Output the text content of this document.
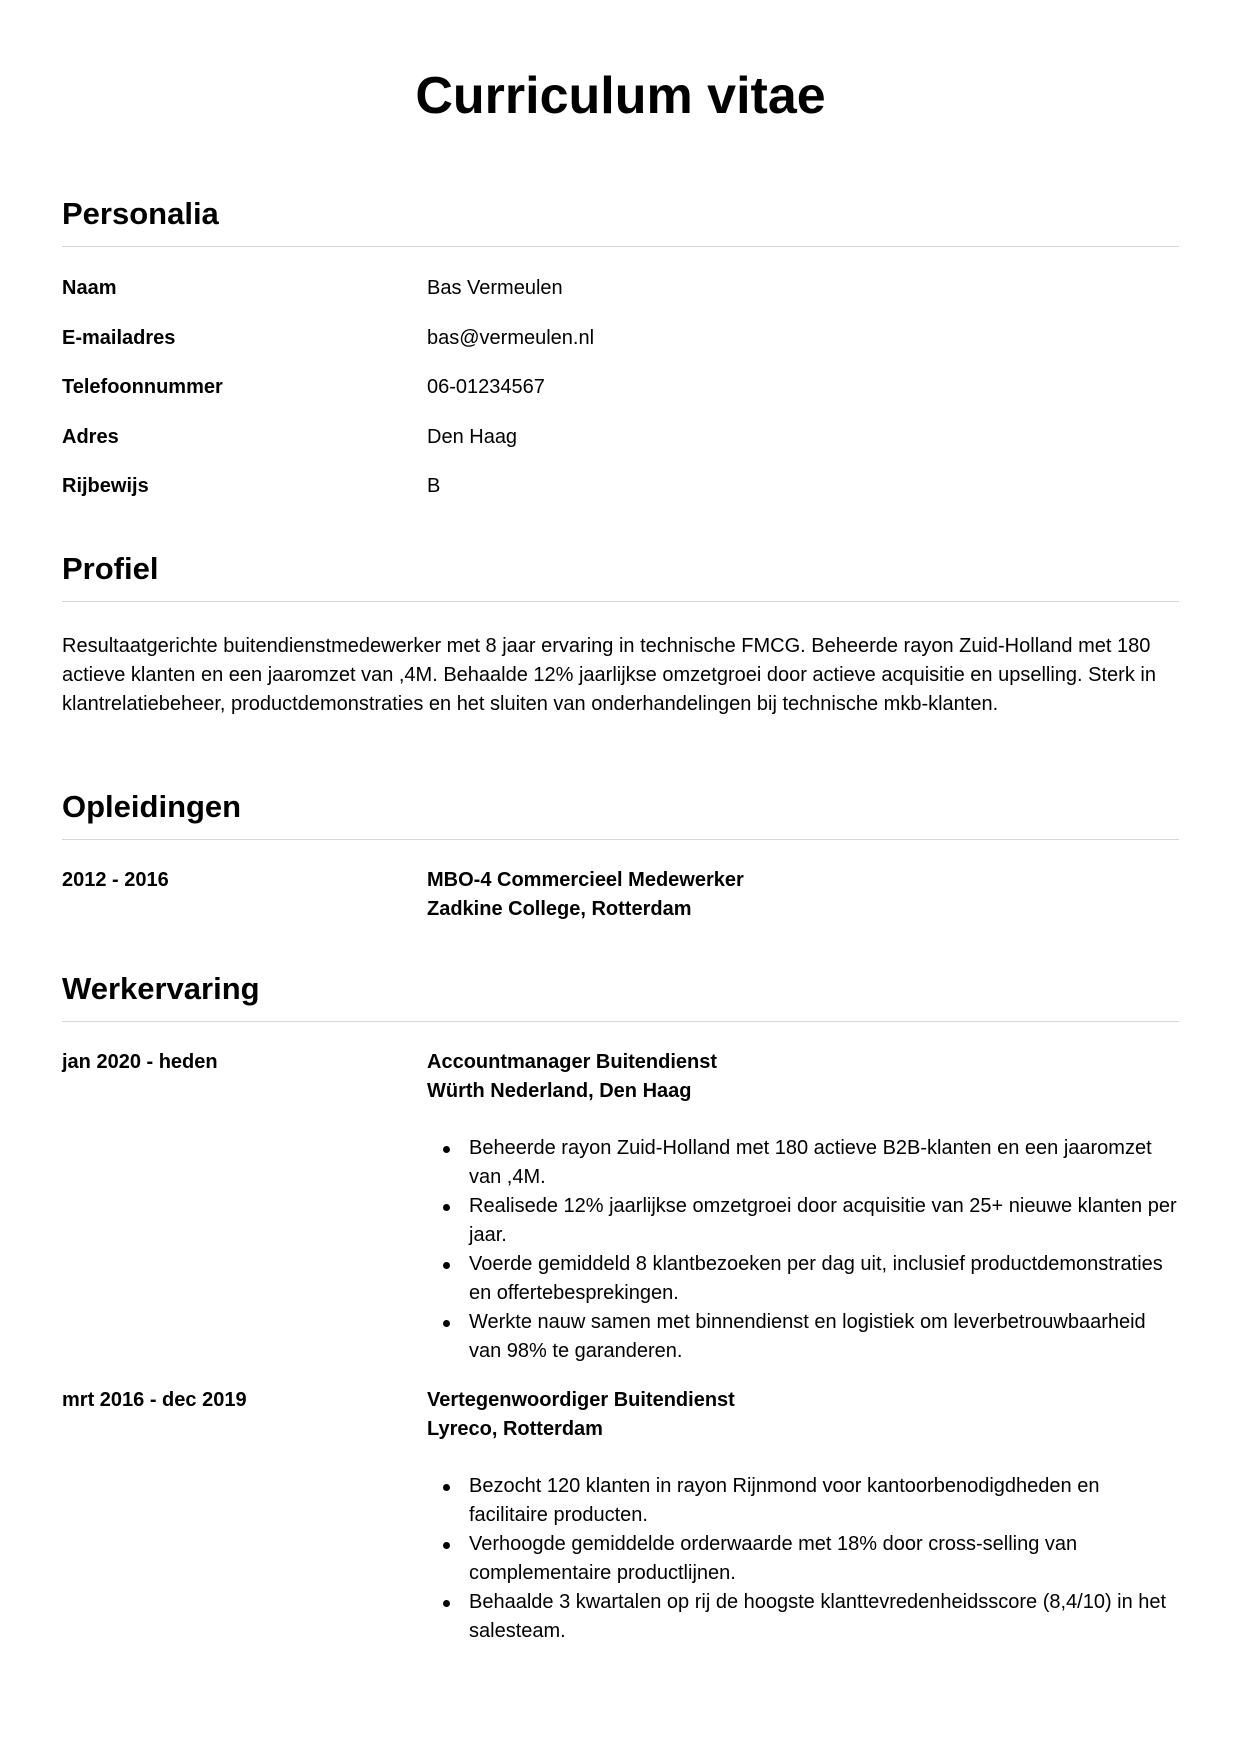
Curriculum vitae
Personalia
Naam	Bas Vermeulen
E-mailadres	bas@vermeulen.nl
Telefoonnummer	06-01234567
Adres	Den Haag
Rijbewijs	B
Profiel

Resultaatgerichte buitendienstmedewerker met 8 jaar ervaring in technische FMCG. Beheerde rayon Zuid-Holland met 180 actieve klanten en een jaaromzet van ,4M. Behaalde 12% jaarlijkse omzetgroei door actieve acquisitie en upselling. Sterk in klantrelatiebeheer, productdemonstraties en het sluiten van onderhandelingen bij technische mkb-klanten.

Opleidingen
2012 - 2016	MBO-4 Commercieel Medewerker
Zadkine College, Rotterdam
Werkervaring
jan 2020 - heden	Accountmanager Buitendienst
Würth Nederland, Den Haag
Beheerde rayon Zuid-Holland met 180 actieve B2B-klanten en een jaaromzet van ,4M.
Realisede 12% jaarlijkse omzetgroei door acquisitie van 25+ nieuwe klanten per jaar.
Voerde gemiddeld 8 klantbezoeken per dag uit, inclusief productdemonstraties en offertebesprekingen.
Werkte nauw samen met binnendienst en logistiek om leverbetrouwbaarheid van 98% te garanderen.
mrt 2016 - dec 2019	Vertegenwoordiger Buitendienst
Lyreco, Rotterdam
Bezocht 120 klanten in rayon Rijnmond voor kantoorbenodigdheden en facilitaire producten.
Verhoogde gemiddelde orderwaarde met 18% door cross-selling van complementaire productlijnen.
Behaalde 3 kwartalen op rij de hoogste klanttevredenheidsscore (8,4/10) in het salesteam.
